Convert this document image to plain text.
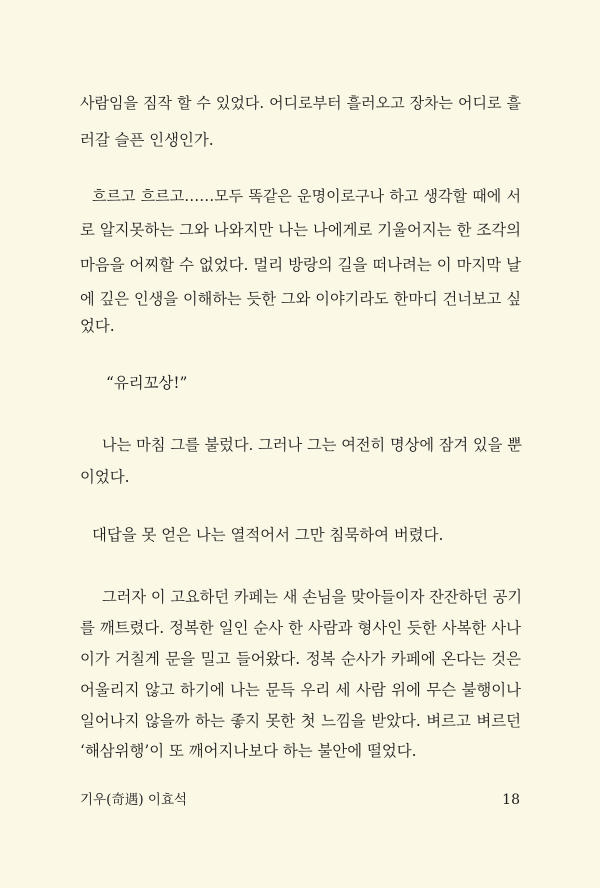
사람임을 짐작 할 수 있었다. 어디로부터 흘러오고 장차는 어디로 흘
러갈 슬픈 인생인가.
흐르고 흐르고……모두 똑같은 운명이로구나 하고 생각할 때에 서
로 알지못하는 그와 나와지만 나는 나에게로 기울어지는 한 조각의
마음을 어찌할 수 없었다. 멀리 방랑의 길을 떠나려는 이 마지막 날
에 깊은 인생을 이해하는 듯한 그와 이야기라도 한마디 건너보고 싶
었다.
“유리꼬상!”
나는 마침 그를 불렀다. 그러나 그는 여전히 명상에 잠겨 있을 뿐
이었다.
대답을 못 얻은 나는 열적어서 그만 침묵하여 버렸다.
그러자 이 고요하던 카페는 새 손님을 맞아들이자 잔잔하던 공기
를 깨트렸다. 정복한 일인 순사 한 사람과 형사인 듯한 사복한 사나
이가 거칠게 문을 밀고 들어왔다. 정복 순사가 카페에 온다는 것은
어울리지 않고 하기에 나는 문득 우리 세 사람 위에 무슨 불행이나
일어나지 않을까 하는 좋지 못한 첫 느낌을 받았다. 벼르고 벼르던
‘해삼위행’이 또 깨어지나보다 하는 불안에 떨었다.
기우(奇遇) 이효석	18
